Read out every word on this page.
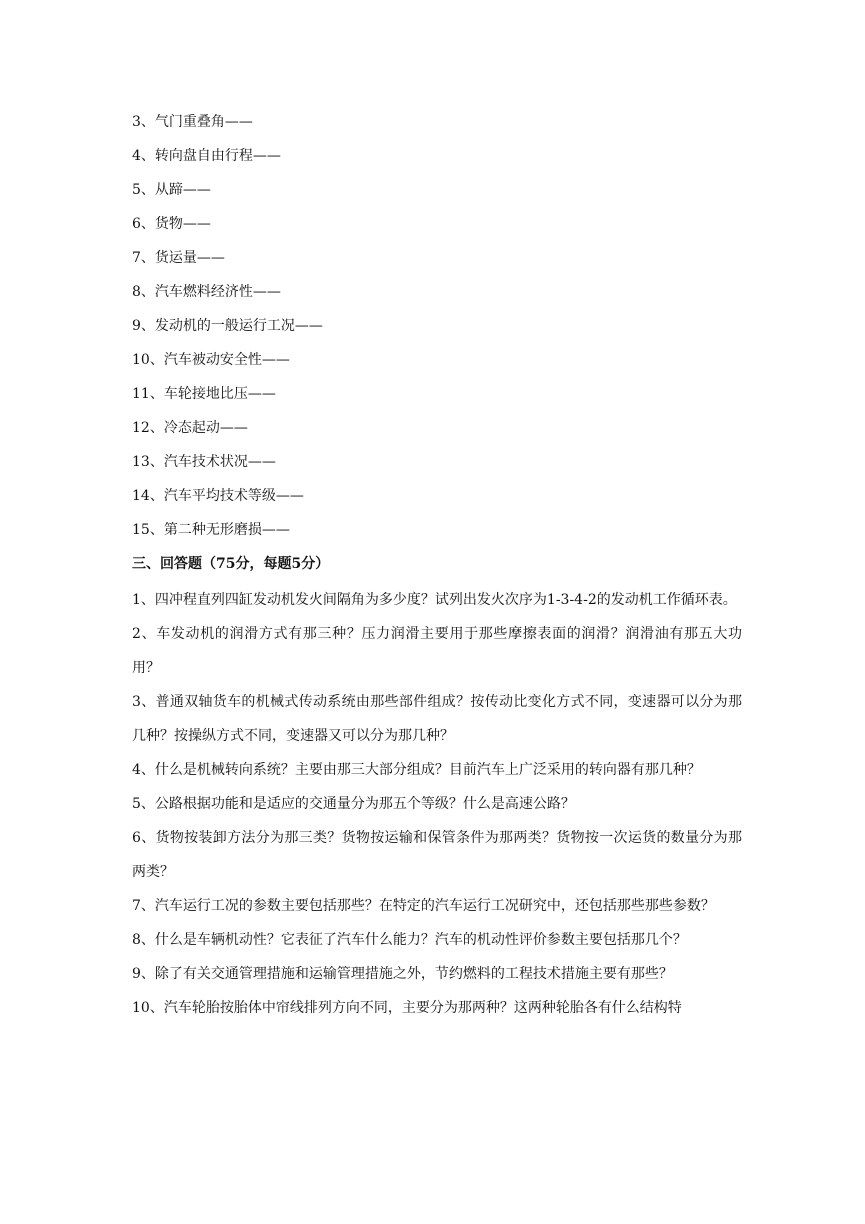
3、气门重叠角——
4、转向盘自由行程——
5、从蹄——
6、货物——
7、货运量——
8、汽车燃料经济性——
9、发动机的一般运行工况——
10、汽车被动安全性——
11、车轮接地比压——
12、冷态起动——
13、汽车技术状况——
14、汽车平均技术等级——
15、第二种无形磨损——
三、回答题（75分，每题5分）

1、四冲程直列四缸发动机发火间隔角为多少度？试列出发火次序为1-3-4-2的发动机工作循环表。

2、车发动机的润滑方式有那三种？压力润滑主要用于那些摩擦表面的润滑？润滑油有那五大功用？

3、普通双轴货车的机械式传动系统由那些部件组成？按传动比变化方式不同，变速器可以分为那几种？按操纵方式不同，变速器又可以分为那几种？

4、什么是机械转向系统？主要由那三大部分组成？目前汽车上广泛采用的转向器有那几种？

5、公路根据功能和是适应的交通量分为那五个等级？什么是高速公路？

6、货物按装卸方法分为那三类？货物按运输和保管条件为那两类？货物按一次运货的数量分为那两类？

7、汽车运行工况的参数主要包括那些？在特定的汽车运行工况研究中，还包括那些那些参数？

8、什么是车辆机动性？它表征了汽车什么能力？汽车的机动性评价参数主要包括那几个？

9、除了有关交通管理措施和运输管理措施之外，节约燃料的工程技术措施主要有那些？

10、汽车轮胎按胎体中帘线排列方向不同，主要分为那两种？这两种轮胎各有什么结构特
